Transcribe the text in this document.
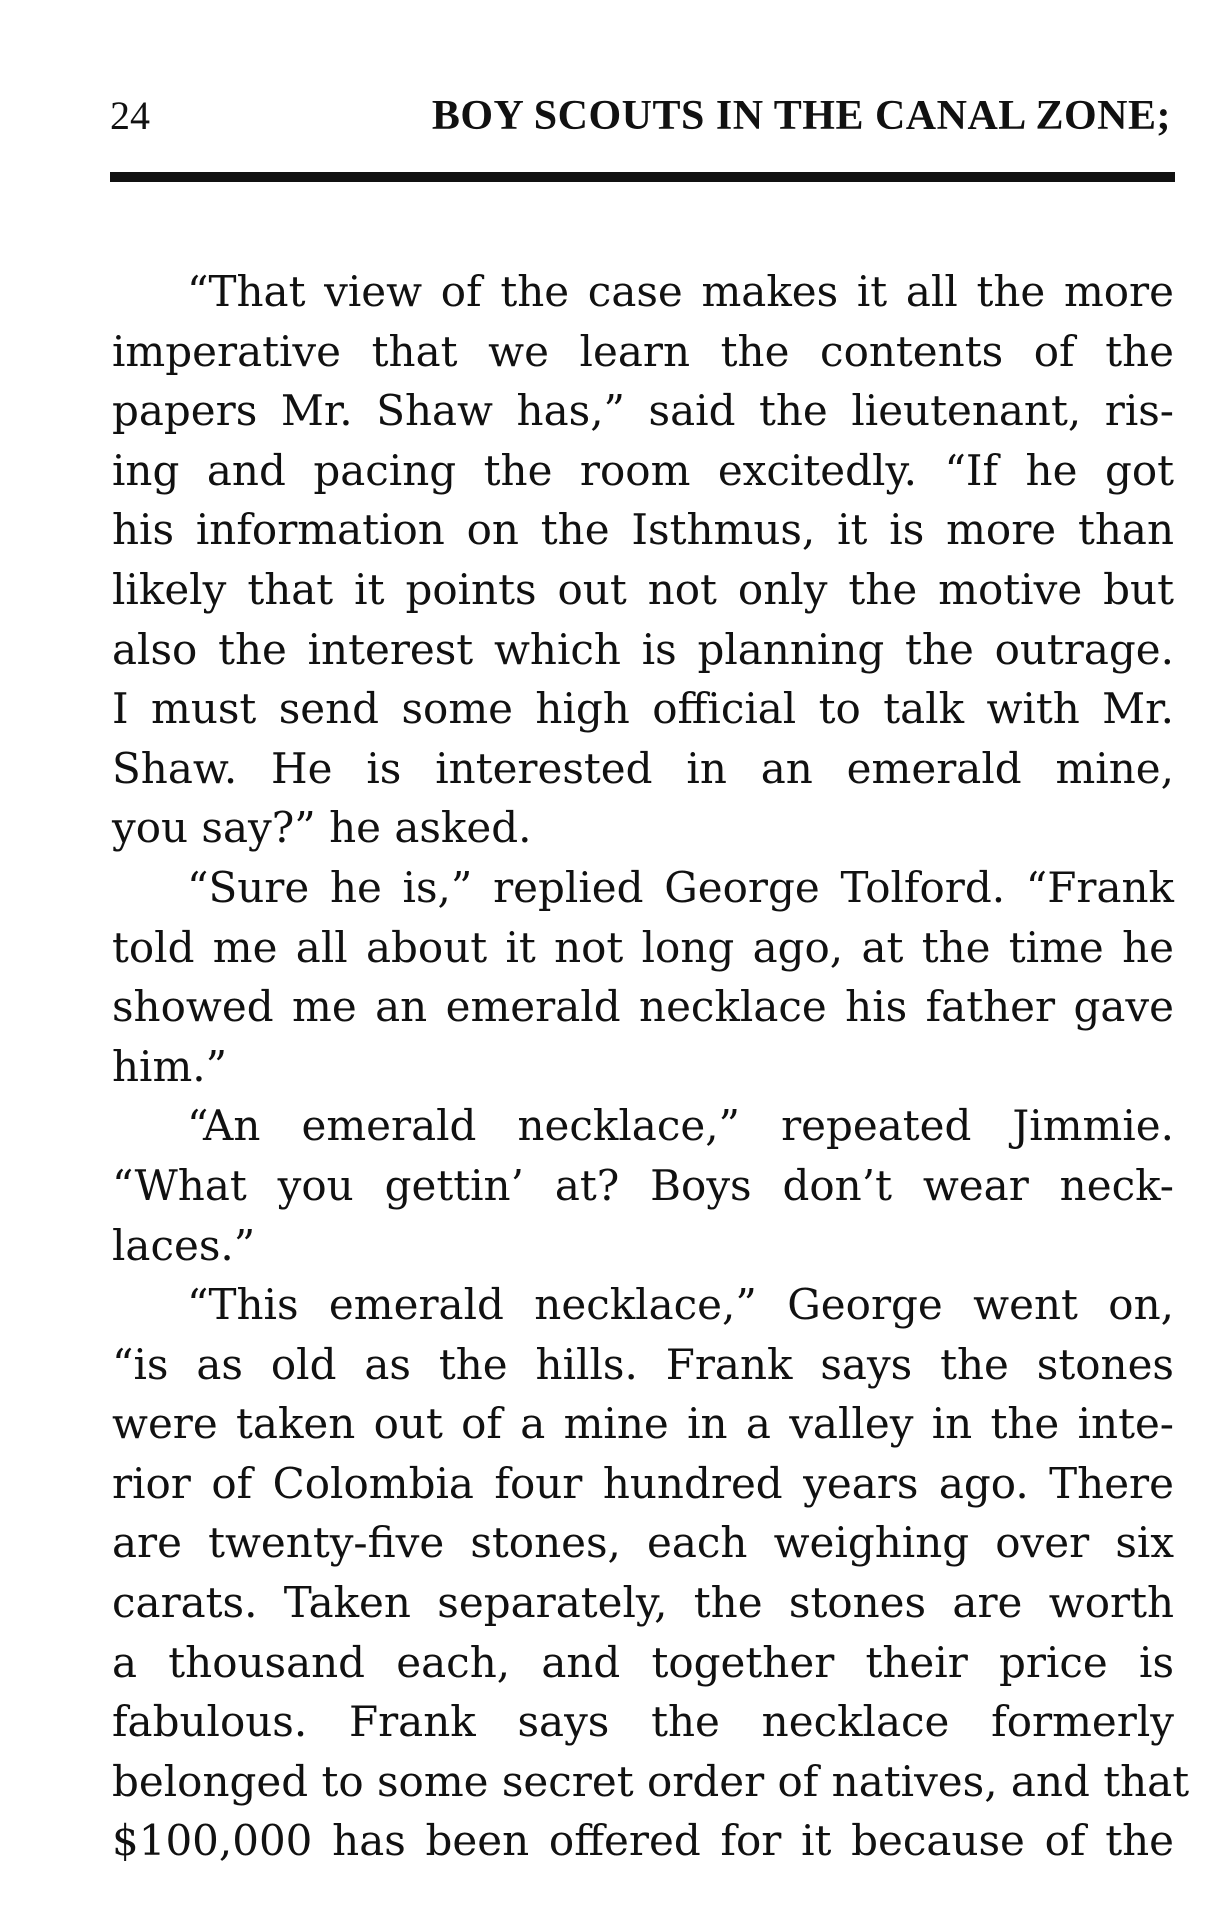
24	BOY SCOUTS IN THE CANAL ZONE;
“That view of the case makes it all the more
imperative that we learn the contents of the
papers Mr. Shaw has,” said the lieutenant, ris-
ing and pacing the room excitedly. “If he got
his information on the Isthmus, it is more than
likely that it points out not only the motive but
also the interest which is planning the outrage.
I must send some high official to talk with Mr.
Shaw. He is interested in an emerald mine,
you say?” he asked.
“Sure he is,” replied George Tolford. “Frank
told me all about it not long ago, at the time he
showed me an emerald necklace his father gave
him.”
“An emerald necklace,” repeated Jimmie.
“What you gettin’ at? Boys don’t wear neck-
laces.”
“This emerald necklace,” George went on,
“is as old as the hills. Frank says the stones
were taken out of a mine in a valley in the inte-
rior of Colombia four hundred years ago. There
are twenty-five stones, each weighing over six
carats. Taken separately, the stones are worth
a thousand each, and together their price is
fabulous. Frank says the necklace formerly
belonged to some secret order of natives, and that
$100,000 has been offered for it because of the
